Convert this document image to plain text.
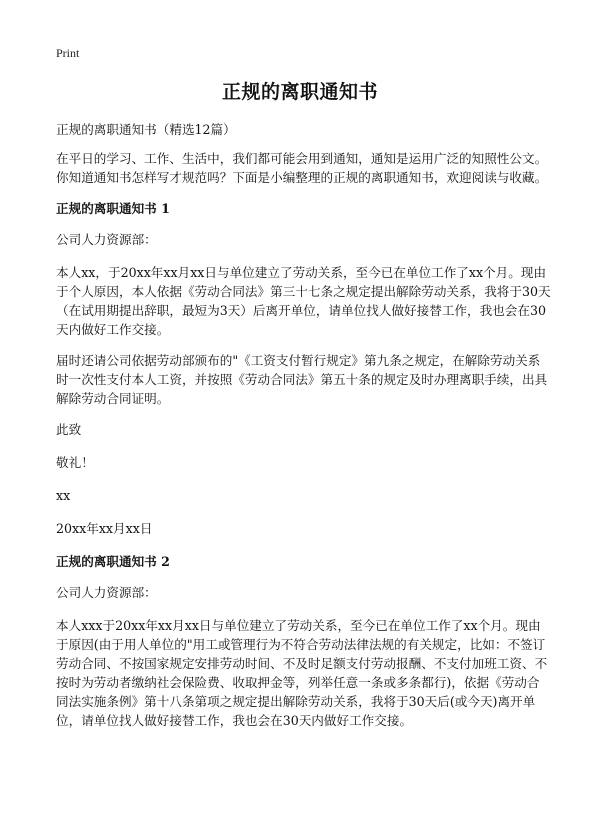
Print
正规的离职通知书

正规的离职通知书（精选12篇）

在平日的学习、工作、生活中，我们都可能会用到通知，通知是运用广泛的知照性公文。你知道通知书怎样写才规范吗？下面是小编整理的正规的离职通知书，欢迎阅读与收藏。

正规的离职通知书 1

公司人力资源部：

本人xx，于20xx年xx月xx日与单位建立了劳动关系，至今已在单位工作了xx个月。现由于个人原因，本人依据《劳动合同法》第三十七条之规定提出解除劳动关系，我将于30天（在试用期提出辞职，最短为3天）后离开单位，请单位找人做好接替工作，我也会在30天内做好工作交接。

届时还请公司依据劳动部颁布的"《工资支付暂行规定》第九条之规定，在解除劳动关系时一次性支付本人工资，并按照《劳动合同法》第五十条的规定及时办理离职手续，出具解除劳动合同证明。

此致

敬礼！

xx

20xx年xx月xx日

正规的离职通知书 2

公司人力资源部：

本人xxx于20xx年xx月xx日与单位建立了劳动关系，至今已在单位工作了xx个月。现由于原因(由于用人单位的"用工或管理行为不符合劳动法律法规的有关规定，比如：不签订劳动合同、不按国家规定安排劳动时间、不及时足额支付劳动报酬、不支付加班工资、不按时为劳动者缴纳社会保险费、收取押金等，列举任意一条或多条都行)，依据《劳动合同法实施条例》第十八条第项之规定提出解除劳动关系，我将于30天后(或今天)离开单位，请单位找人做好接替工作，我也会在30天内做好工作交接。
